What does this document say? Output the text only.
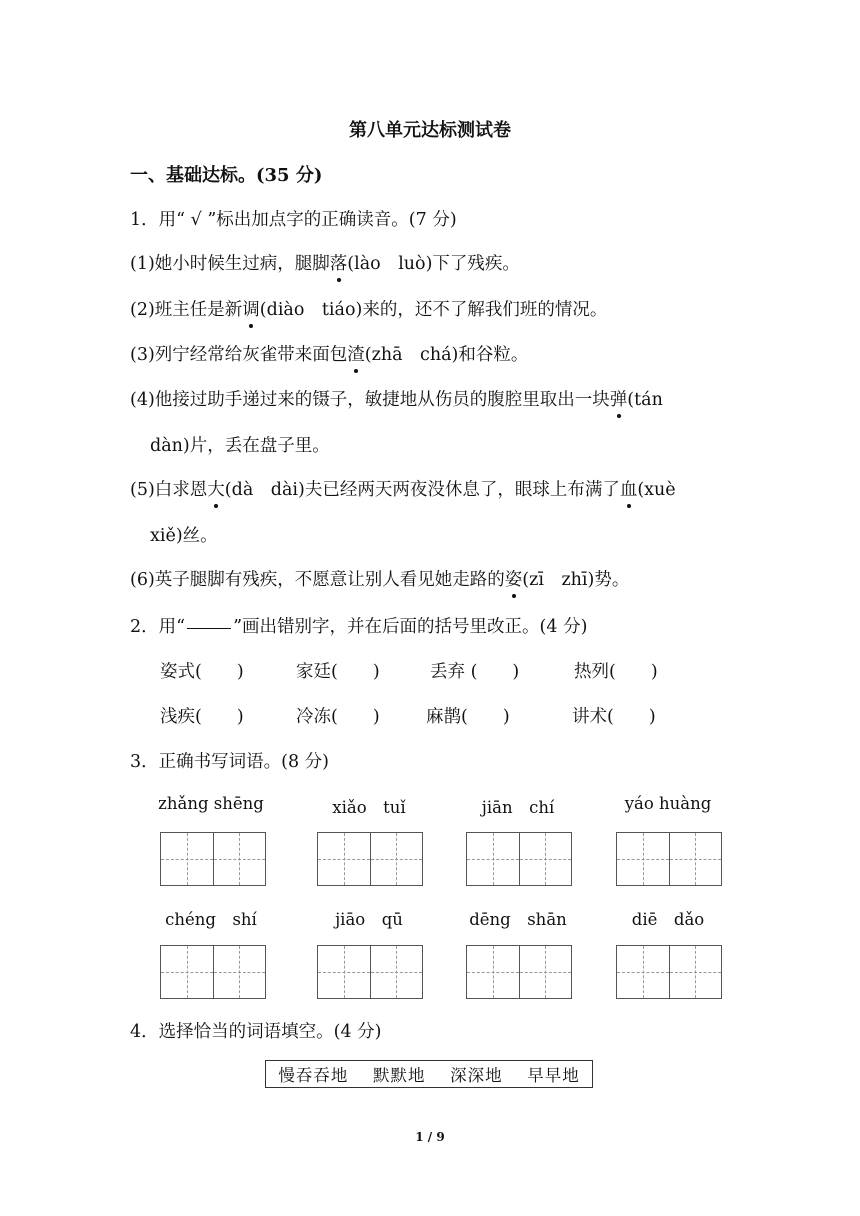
第八单元达标测试卷
一、基础达标。(35 分)
1．用“ √ ”标出加点字的正确读音。(7 分)
(1)她小时候生过病，腿脚落(lào　luò)下了残疾。
(2)班主任是新调(diào　tiáo)来的，还不了解我们班的情况。
(3)列宁经常给灰雀带来面包渣(zhā　chá)和谷粒。
(4)他接过助手递过来的镊子，敏捷地从伤员的腹腔里取出一块弹(tán
dàn)片，丢在盘子里。
(5)白求恩大(dà　dài)夫已经两天两夜没休息了，眼球上布满了血(xuè
xiě)丝。
(6)英子腿脚有残疾，不愿意让别人看见她走路的姿(zī　zhī)势。
2．用“	”画出错别字，并在后面的括号里改正。(4 分)
姿式(　　)	家廷(　　)	丢弃 (　　)	热列(　　)
浅疾(　　)	冷冻(　　)	麻鹊(　　)	讲术(　　)
3．正确书写词语。(8 分)
zhǎng shēng	xiǎo　tuǐ	jiān　chí	yáo huàng
chéng　shí	jiāo　qū	dēng　shān	diē　dǎo
4．选择恰当的词语填空。(4 分)
慢吞吞地 默默地 深深地 早早地
1 / 9
